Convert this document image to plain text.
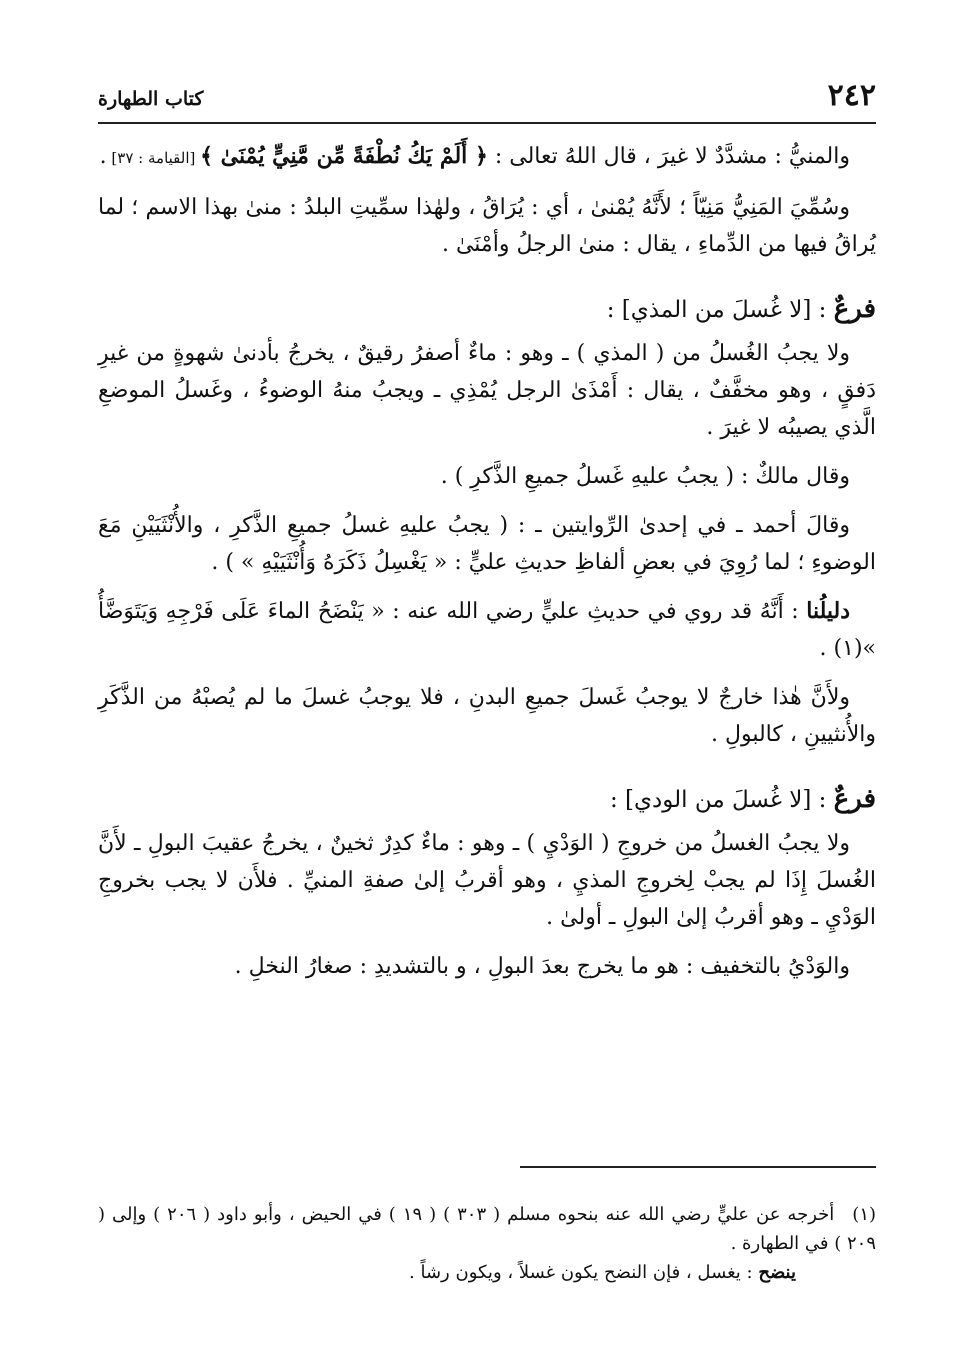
٢٤٢
كتاب الطهارة

والمنيُّ : مشدَّدٌ لا غيرَ ، قال اللهُ تعالى : ﴿ أَلَمْ يَكُ نُطْفَةً مِّن مَّنِيٍّ يُمْنَىٰ ﴾ [القيامة : ٣٧] .

وسُمِّيَ المَنِيُّ مَنِيّاً ؛ لأَنَّهُ يُمْنىٰ ، أي : يُرَاقُ ، ولهٰذا سمِّيتِ البلدُ : منىٰ بهذا الاسم ؛ لما يُراقُ فيها من الدِّماءِ ، يقال : منىٰ الرجلُ وأمْنَىٰ .

فرعٌ : [لا غُسلَ من المذي] :

ولا يجبُ الغُسلُ من ( المذي ) ـ وهو : ماءٌ أصفرُ رقيقٌ ، يخرجُ بأدنىٰ شهوةٍ من غيرِ دَفقٍ ، وهو مخفَّفٌ ، يقال : أَمْذَىٰ الرجل يُمْذِي ـ ويجبُ منهُ الوضوءُ ، وغَسلُ الموضعِ الَّذي يصيبُه لا غيرَ .

وقال مالكٌ : ( يجبُ عليهِ غَسلُ جميعِ الذَّكرِ ) .

وقالَ أحمد ـ في إحدىٰ الرِّوايتين ـ : ( يجبُ عليهِ غسلُ جميعِ الذَّكرِ ، والأُنْثَيَيْنِ مَعَ الوضوءِ ؛ لما رُوِيَ في بعضِ ألفاظِ حديثِ عليٍّ : « يَغْسِلُ ذَكَرَهُ وَأُنْثَيَيْهِ » ) .

دليلُنا : أَنَّهُ قد روي في حديثِ عليٍّ رضي الله عنه : « يَنْضَحُ الماءَ عَلَى فَرْجِهِ وَيَتَوَضَّأُ »(١) .

ولأَنَّ هٰذا خارجٌ لا يوجبُ غَسلَ جميعِ البدنِ ، فلا يوجبُ غسلَ ما لم يُصبْهُ من الذَّكَرِ والأُنثيينِ ، كالبولِ .

فرعٌ : [لا غُسلَ من الودي] :

ولا يجبُ الغسلُ من خروجِ ( الوَدْيِ ) ـ وهو : ماءٌ كدِرٌ ثخينٌ ، يخرجُ عقيبَ البولِ ـ لأَنَّ الغُسلَ إِذَا لم يجبْ لِخروجِ المذيِ ، وهو أقربُ إلىٰ صفةِ المنيِّ . فلأَن لا يجب بخروجِ الوَدْيِ ـ وهو أقربُ إلىٰ البولِ ـ أولىٰ .

والوَدْيُ بالتخفيف : هو ما يخرج بعدَ البولِ ، و بالتشديدِ : صغارُ النخلِ .

(١)أخرجه عن عليٍّ رضي الله عنه بنحوه مسلم ( ٣٠٣ ) ( ١٩ ) في الحيض ، وأبو داود ( ٢٠٦ ) وإلى ( ٢٠٩ ) في الطهارة .

ينضح : يغسل ، فإن النضح يكون غسلاً ، ويكون رشاً .
